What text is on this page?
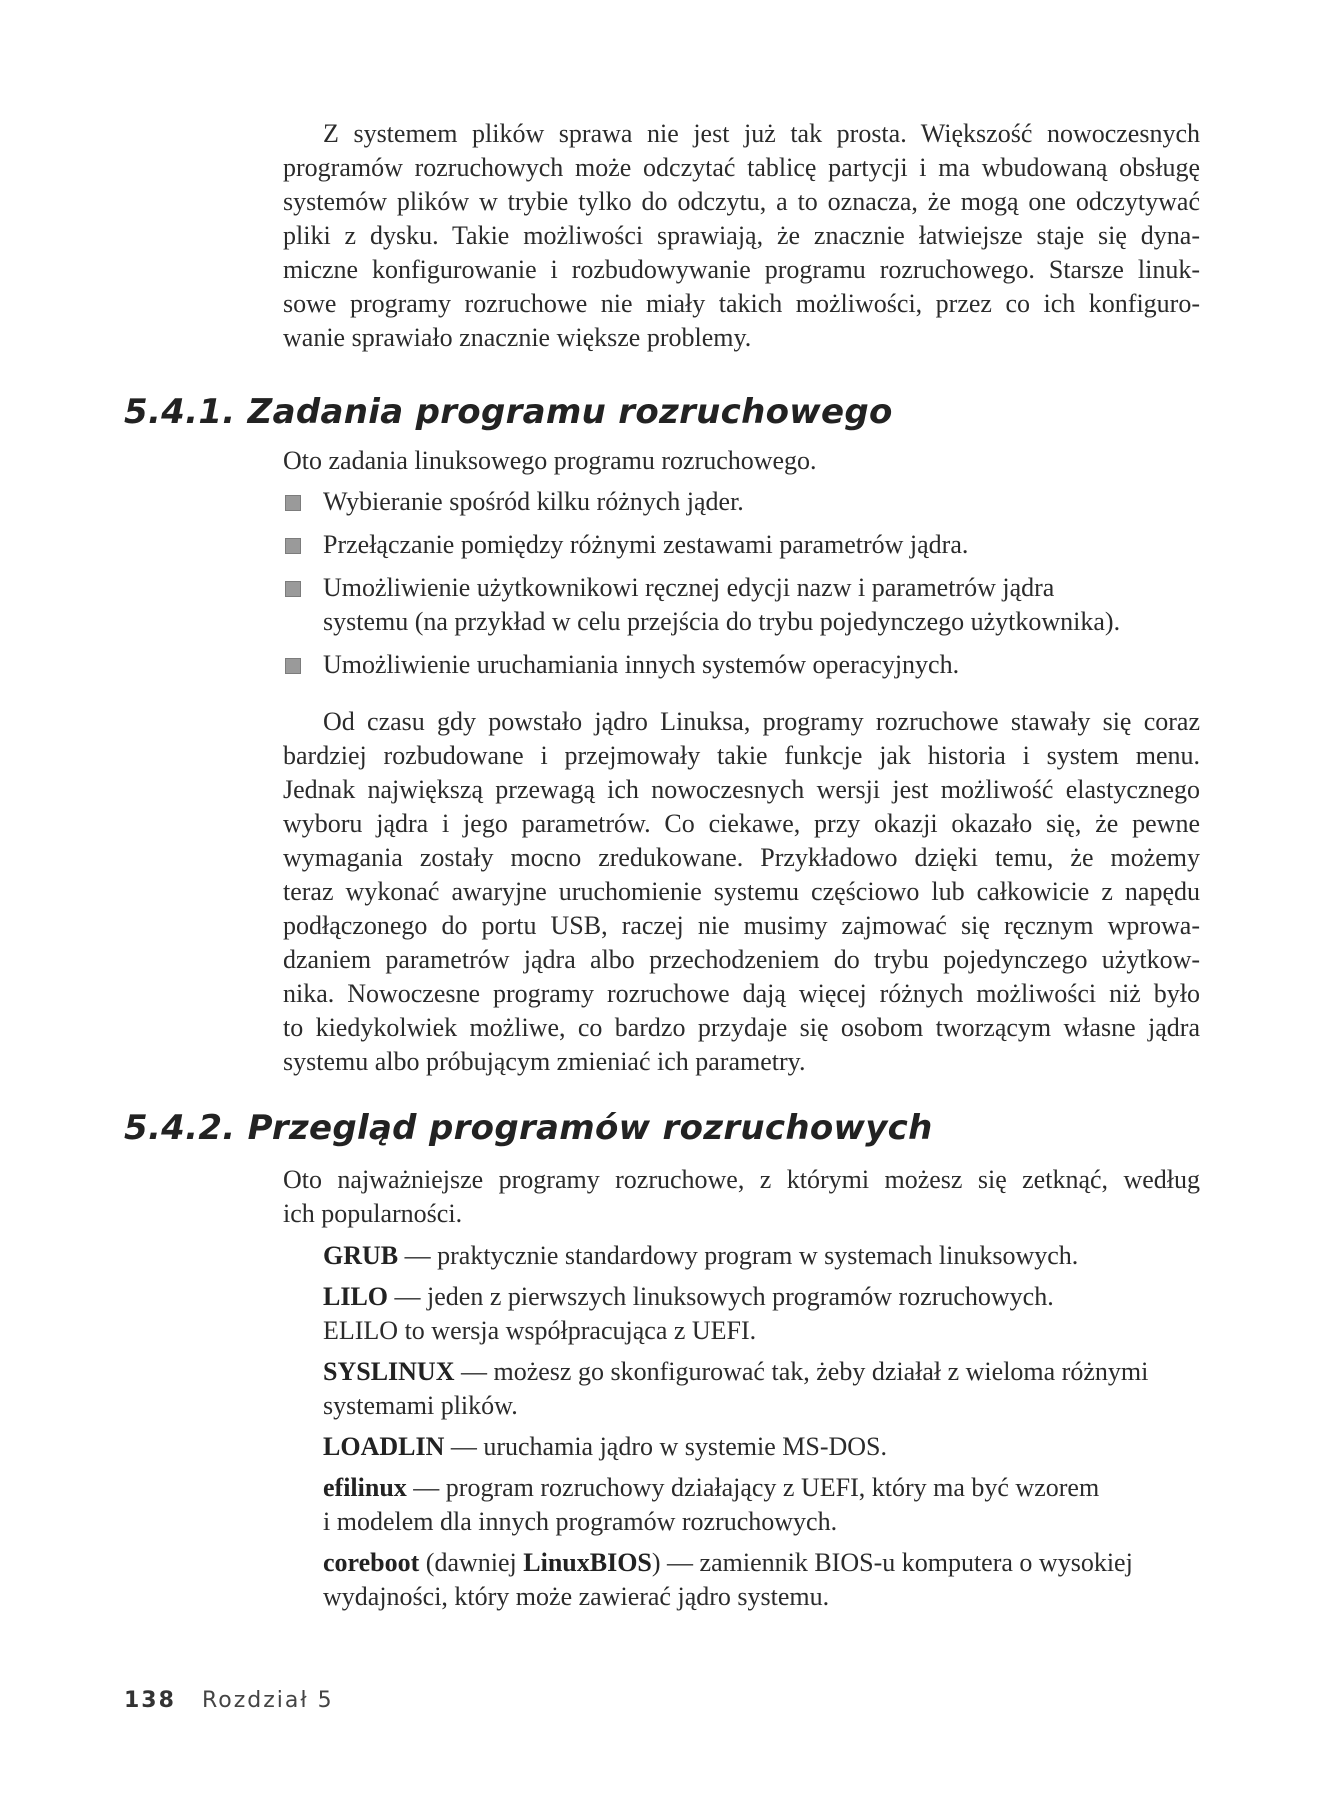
Z systemem plików sprawa nie jest już tak prosta. Większość nowoczesnych
programów rozruchowych może odczytać tablicę partycji i ma wbudowaną obsługę
systemów plików w trybie tylko do odczytu, a to oznacza, że mogą one odczytywać
pliki z dysku. Takie możliwości sprawiają, że znacznie łatwiejsze staje się dyna-
miczne konfigurowanie i rozbudowywanie programu rozruchowego. Starsze linuk-
sowe programy rozruchowe nie miały takich możliwości, przez co ich konfiguro-
wanie sprawiało znacznie większe problemy.
5.4.1. Zadania programu rozruchowego
Oto zadania linuksowego programu rozruchowego.
Wybieranie spośród kilku różnych jąder.
Przełączanie pomiędzy różnymi zestawami parametrów jądra.
Umożliwienie użytkownikowi ręcznej edycji nazw i parametrów jądra
systemu (na przykład w celu przejścia do trybu pojedynczego użytkownika).
Umożliwienie uruchamiania innych systemów operacyjnych.
Od czasu gdy powstało jądro Linuksa, programy rozruchowe stawały się coraz
bardziej rozbudowane i przejmowały takie funkcje jak historia i system menu.
Jednak największą przewagą ich nowoczesnych wersji jest możliwość elastycznego
wyboru jądra i jego parametrów. Co ciekawe, przy okazji okazało się, że pewne
wymagania zostały mocno zredukowane. Przykładowo dzięki temu, że możemy
teraz wykonać awaryjne uruchomienie systemu częściowo lub całkowicie z napędu
podłączonego do portu USB, raczej nie musimy zajmować się ręcznym wprowa-
dzaniem parametrów jądra albo przechodzeniem do trybu pojedynczego użytkow-
nika. Nowoczesne programy rozruchowe dają więcej różnych możliwości niż było
to kiedykolwiek możliwe, co bardzo przydaje się osobom tworzącym własne jądra
systemu albo próbującym zmieniać ich parametry.
5.4.2. Przegląd programów rozruchowych
Oto najważniejsze programy rozruchowe, z którymi możesz się zetknąć, według
ich popularności.
GRUB — praktycznie standardowy program w systemach linuksowych.
LILO — jeden z pierwszych linuksowych programów rozruchowych.
ELILO to wersja współpracująca z UEFI.
SYSLINUX — możesz go skonfigurować tak, żeby działał z wieloma różnymi
systemami plików.
LOADLIN — uruchamia jądro w systemie MS-DOS.
efilinux — program rozruchowy działający z UEFI, który ma być wzorem
i modelem dla innych programów rozruchowych.
coreboot (dawniej LinuxBIOS) — zamiennik BIOS-u komputera o wysokiej
wydajności, który może zawierać jądro systemu.
138 Rozdział 5
